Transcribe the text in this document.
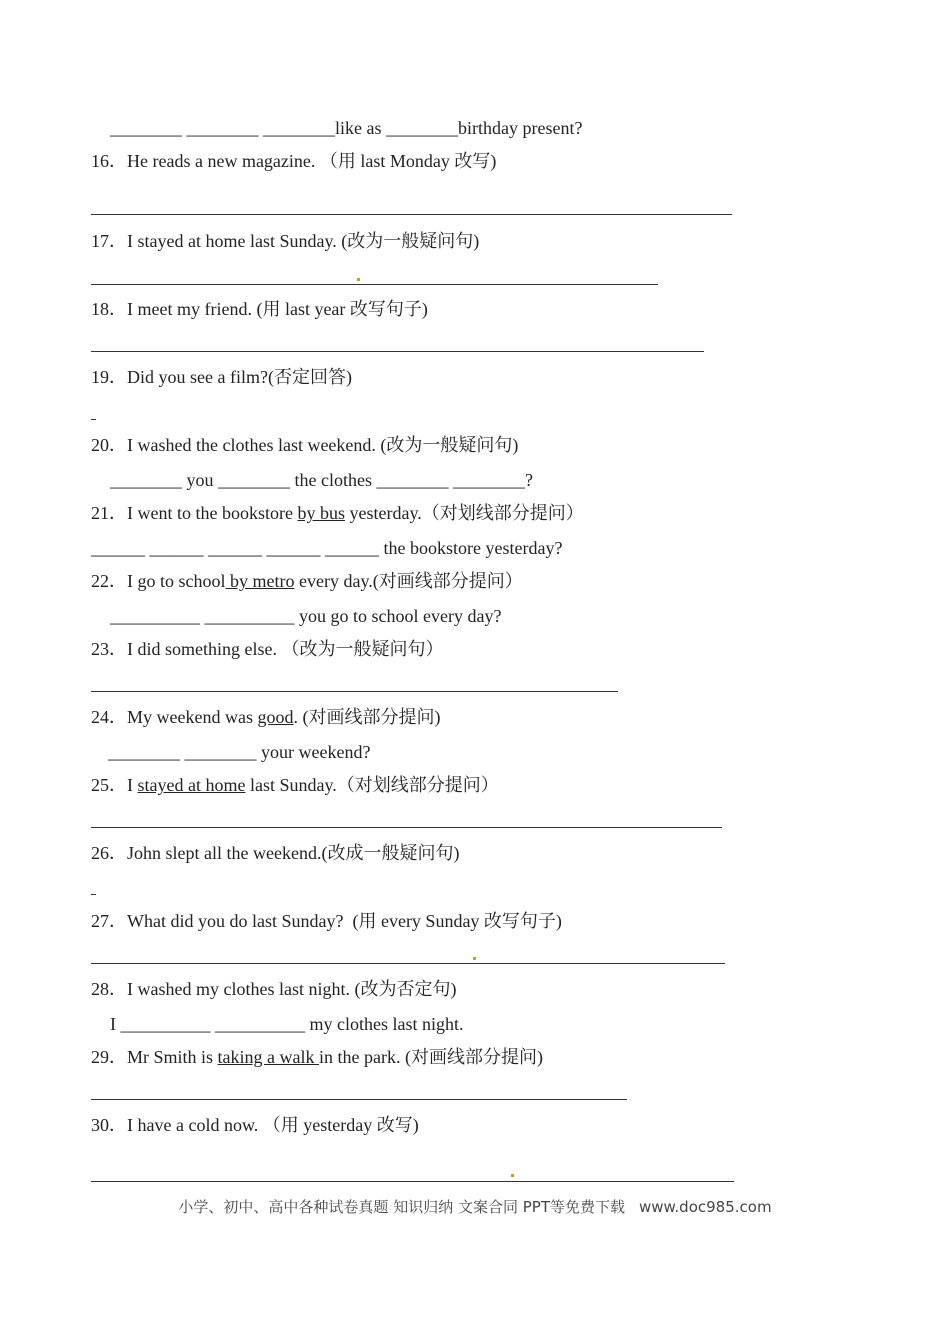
________ ________ ________like as ________birthday present?
16．He reads a new magazine. （用 last Monday 改写)
17．I stayed at home last Sunday. (改为一般疑问句)
18．I meet my friend. (用 last year 改写句子)
19．Did you see a film?(否定回答)
20．I washed the clothes last weekend. (改为一般疑问句)
________ you ________ the clothes ________ ________?
21．I went to the bookstore by bus yesterday.（对划线部分提问）
______ ______ ______ ______ ______ the bookstore yesterday?
22．I go to school by metro every day.(对画线部分提问）
__________ __________ you go to school every day?
23．I did something else. （改为一般疑问句）
24．My weekend was good. (对画线部分提问)
________ ________ your weekend?
25．I stayed at home last Sunday.（对划线部分提问）
26．John slept all the weekend.(改成一般疑问句)
27．What did you do last Sunday?  (用 every Sunday 改写句子)
28．I washed my clothes last night. (改为否定句)
I __________ __________ my clothes last night.
29．Mr Smith is taking a walk in the park. (对画线部分提问)
30．I have a cold now. （用 yesterday 改写)
小学、初中、高中各种试卷真题 知识归纳 文案合同 PPT等免费下载 www.doc985.com
